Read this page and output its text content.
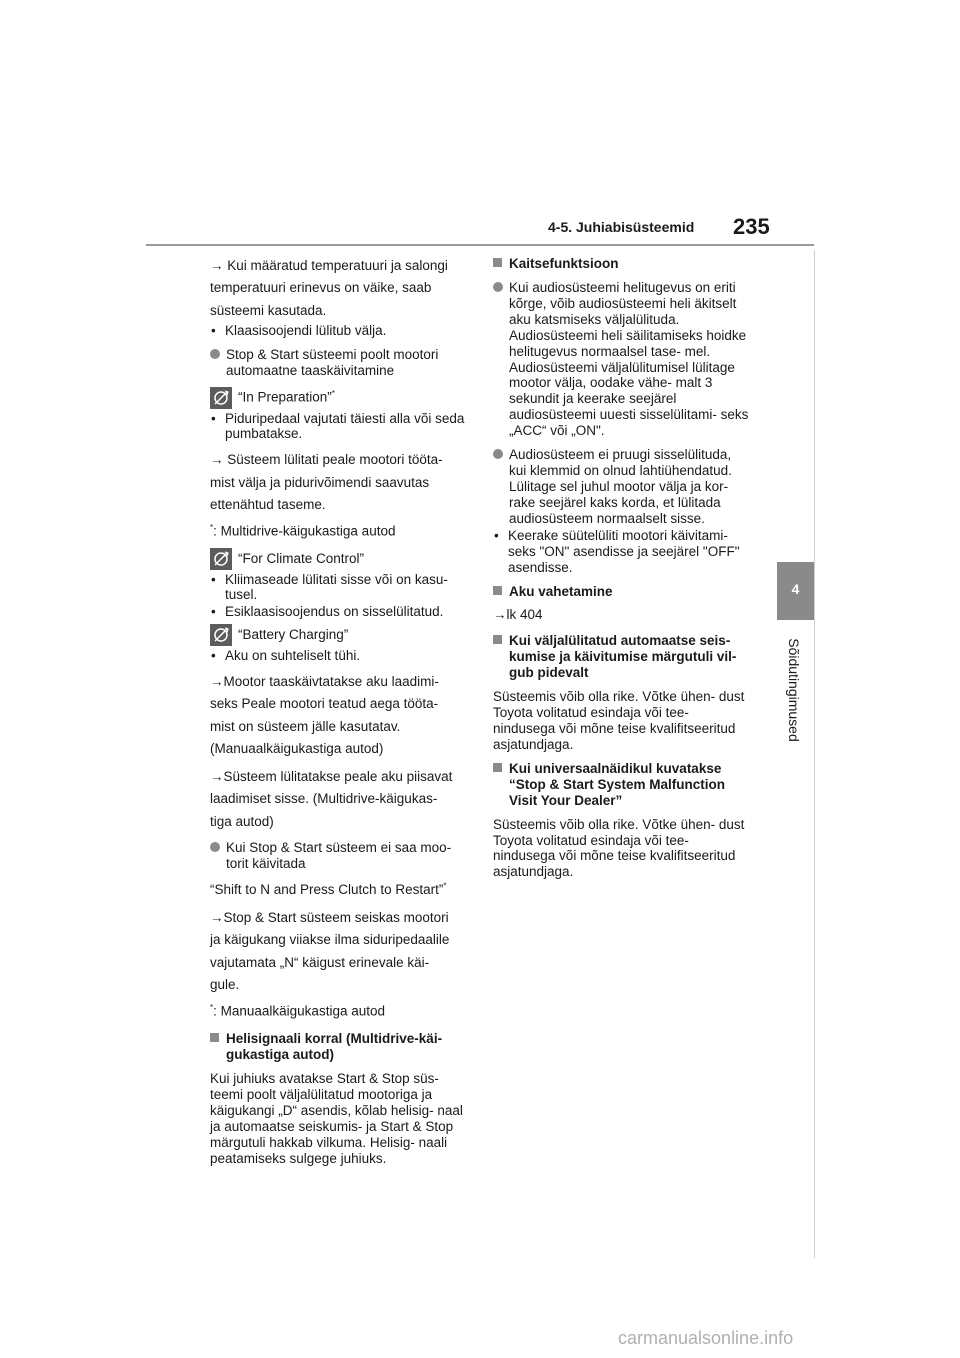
4-5. Juhiabisüsteemid 235
4
Sõidutingimused

→ Kui määratud temperatuuri ja salongi

temperatuuri erinevus on väike, saab

süsteemi kasutada.

• Klaasisoojendi lülitub välja.
Stop & Start süsteemi poolt mootori automaatne taaskäivitamine
“In Preparation”*
• Piduripedaal vajutati täiesti alla või seda pumbatakse.

→ Süsteem lülitati peale mootori tööta-

mist välja ja pidurivõimendi saavutas

ettenähtud taseme.

*: Multidrive-käigukastiga autod

“For Climate Control”
• Kliimaseade lülitati sisse või on kasu- tusel.
• Esiklaasisoojendus on sisselülitatud.
“Battery Charging”
• Aku on suhteliselt tühi.

→Mootor taaskäivtatakse aku laadimi-

seks Peale mootori teatud aega tööta-

mist on süsteem jälle kasutatav.

(Manuaalkäigukastiga autod)

→Süsteem lülitatakse peale aku piisavat

laadimiset sisse. (Multidrive-käigukas-

tiga autod)

Kui Stop & Start süsteem ei saa moo- torit käivitada

“Shift to N and Press Clutch to Restart”*

→Stop & Start süsteem seiskas mootori

ja käigukang viiakse ilma siduripedaalile

vajutamata „N“ käigust erinevale käi-

gule.

*: Manuaalkäigukastiga autod

Helisignaali korral (Multidrive-käi- gukastiga autod)

Kui juhiuks avatakse Start & Stop süs- teemi poolt väljalülitatud mootoriga ja käigukangi „D“ asendis, kõlab helisig- naal ja automaatse seiskumis- ja Start & Stop märgutuli hakkab vilkuma. Helisig- naali peatamiseks sulgege juhiuks.

Kaitsefunktsioon
Kui audiosüsteemi helitugevus on eriti kõrge, võib audiosüsteemi heli äkitselt aku katsmiseks väljalülituda. Audiosüsteemi heli säilitamiseks hoidke helitugevus normaalsel tase- mel. Audiosüsteemi väljalülitumisel lülitage mootor välja, oodake vähe- malt 3 sekundit ja keerake seejärel audiosüsteemi uuesti sisselülitami- seks „ACC“ või „ON".
Audiosüsteem ei pruugi sisselülituda, kui klemmid on olnud lahtiühendatud. Lülitage sel juhul mootor välja ja kor- rake seejärel kaks korda, et lülitada audiosüsteem normaalselt sisse.
• Keerake süütelüliti mootori käivitami- seks "ON" asendisse ja seejärel "OFF" asendisse.
Aku vahetamine

→lk 404

Kui väljalülitatud automaatse seis- kumise ja käivitumise märgutuli vil- gub pidevalt

Süsteemis võib olla rike. Võtke ühen- dust Toyota volitatud esindaja või tee- nindusega või mõne teise kvalifitseeritud asjatundjaga.

Kui universaalnäidikul kuvatakse “Stop & Start System Malfunction Visit Your Dealer”

Süsteemis võib olla rike. Võtke ühen- dust Toyota volitatud esindaja või tee- nindusega või mõne teise kvalifitseeritud asjatundjaga.

carmanualsonline.info
